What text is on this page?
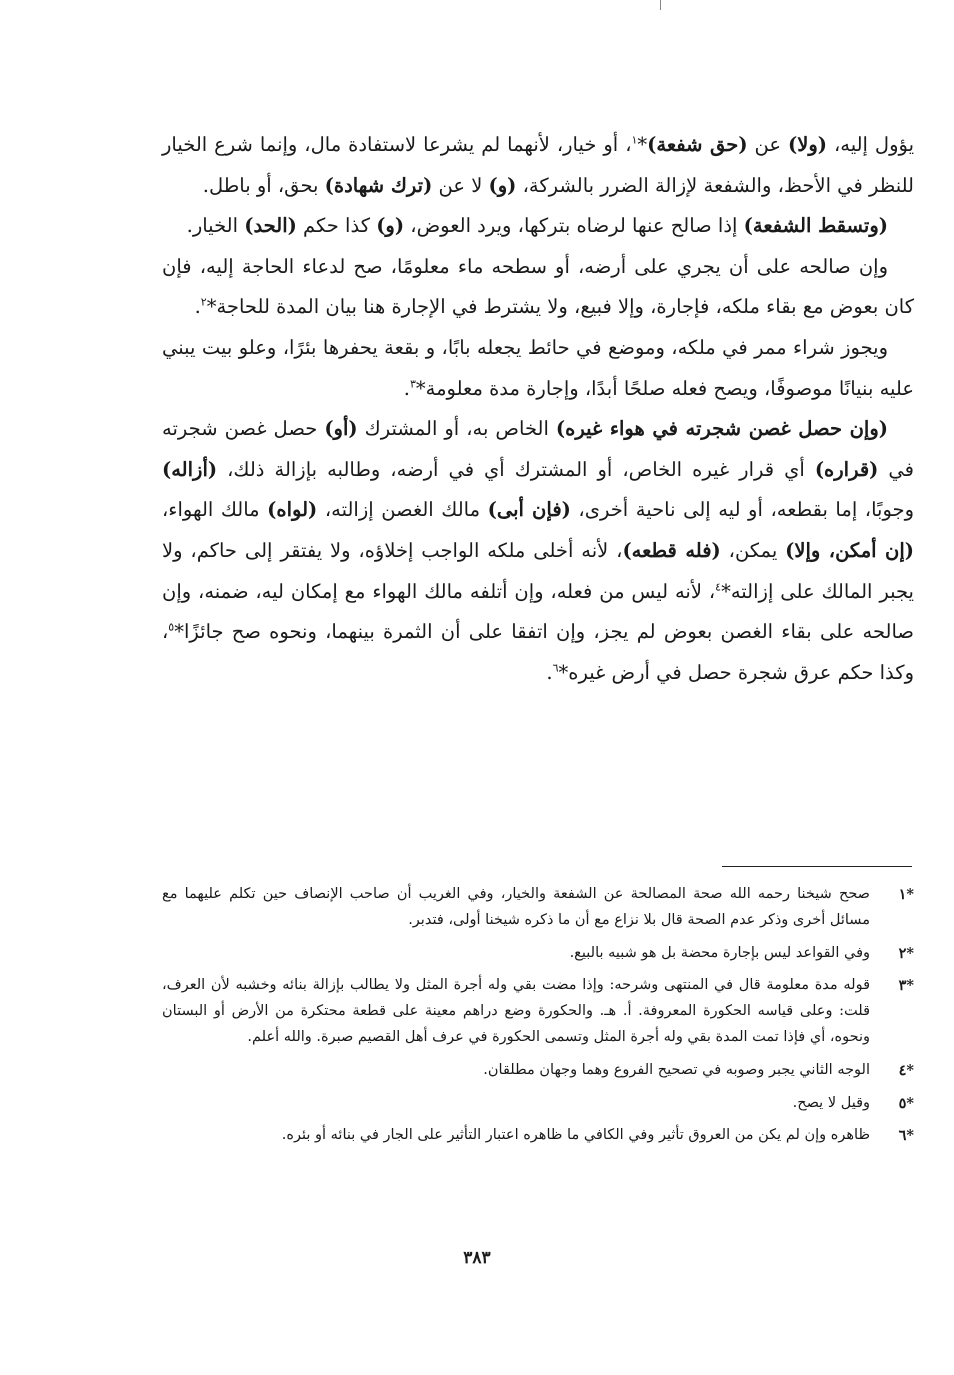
يؤول إليه، (ولا) عن (حق شفعة)*$^١$، أو خيار، لأنهما لم يشرعا لاستفادة مال، وإنما شرع الخيار للنظر في الأحظ، والشفعة لإزالة الضرر بالشركة، (و) لا عن (ترك شهادة) بحق، أو باطل.

(وتسقط الشفعة) إذا صالح عنها لرضاه بتركها، ويرد العوض، (و) كذا حكم (الحد) الخيار.

وإن صالحه على أن يجري على أرضه، أو سطحه ماء معلومًا، صح لدعاء الحاجة إليه، فإن كان بعوض مع بقاء ملكه، فإجارة، وإلا فبيع، ولا يشترط في الإجارة هنا بيان المدة للحاجة*$^٢$.

ويجوز شراء ممر في ملكه، وموضع في حائط يجعله بابًا، و بقعة يحفرها بئرًا، وعلو بيت يبني عليه بنيانًا موصوفًا، ويصح فعله صلحًا أبدًا، وإجارة مدة معلومة*$^٣$.

(وإن حصل غصن شجرته في هواء غيره) الخاص به، أو المشترك (أو) حصل غصن شجرته في (قراره) أي قرار غيره الخاص، أو المشترك أي في أرضه، وطالبه بإزالة ذلك، (أزاله) وجوبًا، إما بقطعه، أو ليه إلى ناحية أخرى، (فإن أبى) مالك الغصن إزالته، (لواه) مالك الهواء، (إن أمكن، وإلا) يمكن، (فله قطعه)، لأنه أخلى ملكه الواجب إخلاؤه، ولا يفتقر إلى حاكم، ولا يجبر المالك على إزالته*$^٤$، لأنه ليس من فعله، وإن أتلفه مالك الهواء مع إمكان ليه، ضمنه، وإن صالحه على بقاء الغصن بعوض لم يجز، وإن اتفقا على أن الثمرة بينهما، ونحوه صح جائزًا*$^٥$، وكذا حكم عرق شجرة حصل في أرض غيره*$^٦$.

*١
صحح شيخنا رحمه الله صحة المصالحة عن الشفعة والخيار، وفي الغريب أن صاحب الإنصاف حين تكلم عليهما مع مسائل أخرى وذكر عدم الصحة قال بلا نزاع مع أن ما ذكره شيخنا أولى، فتدبر.
*٢
وفي القواعد ليس بإجارة محضة بل هو شبيه بالبيع.
*٣
قوله مدة معلومة قال في المنتهى وشرحه: وإذا مضت بقي وله أجرة المثل ولا يطالب بإزالة بنائه وخشبه لأن العرف، قلت: وعلى قياسه الحكورة المعروفة. أ. هـ. والحكورة وضع دراهم معينة على قطعة محتكرة من الأرض أو البستان ونحوه، أي فإذا تمت المدة بقي وله أجرة المثل وتسمى الحكورة في عرف أهل القصيم صبرة. والله أعلم.
*٤
الوجه الثاني يجبر وصوبه في تصحيح الفروع وهما وجهان مطلقان.
*٥
وقيل لا يصح.
*٦
ظاهره وإن لم يكن من العروق تأثير وفي الكافي ما ظاهره اعتبار التأثير على الجار في بنائه أو بئره.
٣٨٣
